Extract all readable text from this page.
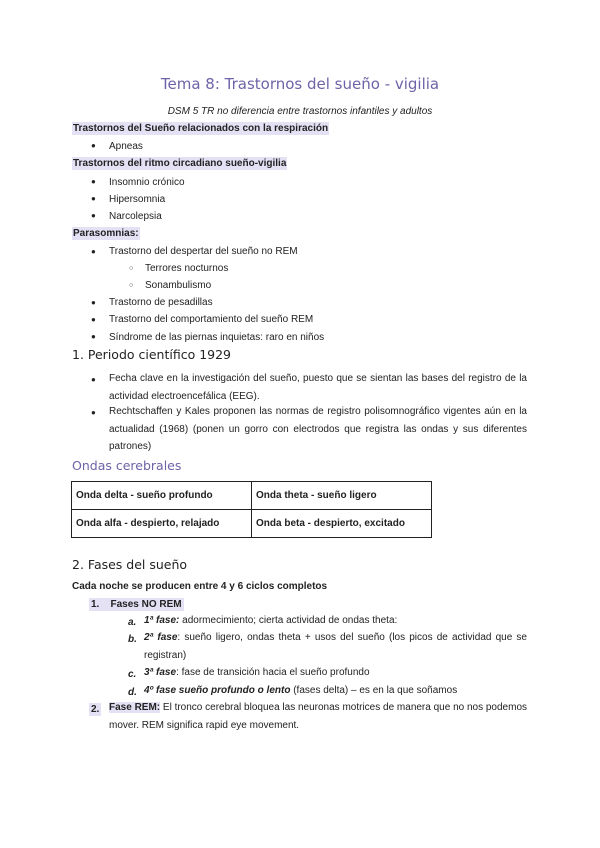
Tema 8: Trastornos del sueño - vigilia
DSM 5 TR no diferencia entre trastornos infantiles y adultos
Trastornos del Sueño relacionados con la respiración
● Apneas
Trastornos del ritmo circadiano sueño-vigilia
● Insomnio crónico
● Hipersomnia
● Narcolepsia
Parasomnias:
● Trastorno del despertar del sueño no REM
○ Terrores nocturnos
○ Sonambulismo
● Trastorno de pesadillas
● Trastorno del comportamiento del sueño REM
● Síndrome de las piernas inquietas: raro en niños
1. Periodo científico 1929
● Fecha clave en la investigación del sueño, puesto que se sientan las bases del registro de la actividad electroencefálica (EEG).
● Rechtschaffen y Kales proponen las normas de registro polisomnográfico vigentes aún en la actualidad (1968) (ponen un gorro con electrodos que registra las ondas y sus diferentes patrones)
Ondas cerebrales
Onda delta - sueño profundo	Onda theta - sueño ligero
Onda alfa - despierto, relajado	Onda beta - despierto, excitado
2. Fases del sueño
Cada noche se producen entre 4 y 6 ciclos completos
1. Fases NO REM
a. 1ª fase: adormecimiento; cierta actividad de ondas theta:
b. 2ª fase: sueño ligero, ondas theta + usos del sueño (los picos de actividad que se registran)
c. 3ª fase: fase de transición hacia el sueño profundo
d. 4º fase sueño profundo o lento (fases delta) – es en la que soñamos
2. Fase REM: El tronco cerebral bloquea las neuronas motrices de manera que no nos podemos mover. REM significa rapid eye movement.
